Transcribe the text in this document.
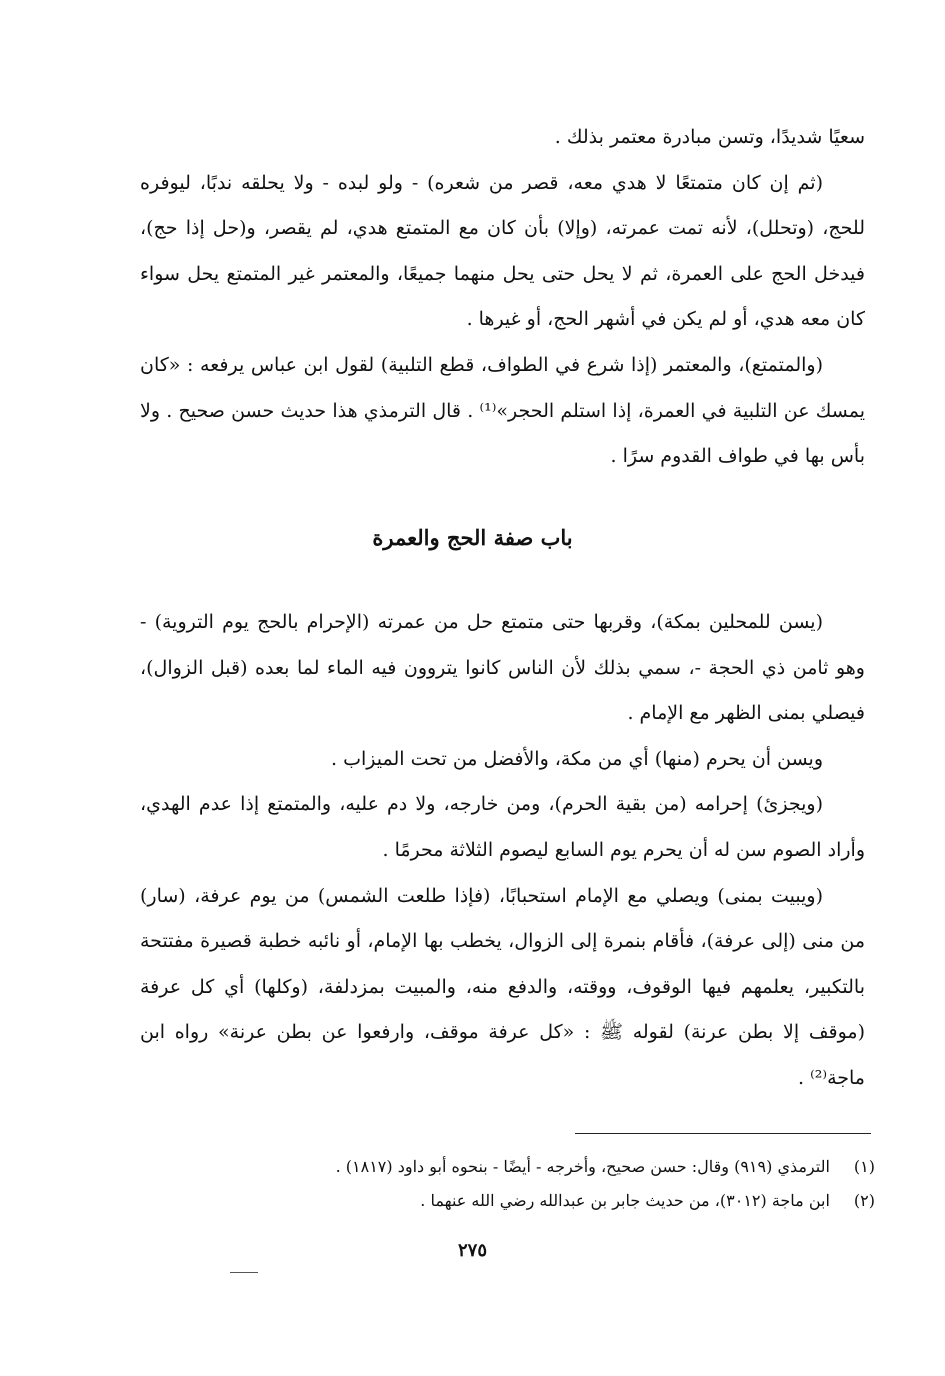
سعيًا شديدًا، وتسن مبادرة معتمر بذلك .

(ثم إن كان متمتعًا لا هدي معه، قصر من شعره) - ولو لبده - ولا يحلقه ندبًا، ليوفره للحج، (وتحلل)، لأنه تمت عمرته، (وإلا) بأن كان مع المتمتع هدي، لم يقصر، و(حل إذا حج)، فيدخل الحج على العمرة، ثم لا يحل حتى يحل منهما جميعًا، والمعتمر غير المتمتع يحل سواء كان معه هدي، أو لم يكن في أشهر الحج، أو غيرها .

(والمتمتع)، والمعتمر (إذا شرع في الطواف، قطع التلبية) لقول ابن عباس يرفعه : «كان يمسك عن التلبية في العمرة، إذا استلم الحجر»⁽¹⁾ . قال الترمذي هذا حديث حسن صحيح . ولا بأس بها في طواف القدوم سرًا .

باب صفة الحج والعمرة

(يسن للمحلين بمكة)، وقربها حتى متمتع حل من عمرته (الإحرام بالحج يوم التروية) - وهو ثامن ذي الحجة -، سمي بذلك لأن الناس كانوا يتروون فيه الماء لما بعده (قبل الزوال)، فيصلي بمنى الظهر مع الإمام .

ويسن أن يحرم (منها) أي من مكة، والأفضل من تحت الميزاب .

(ويجزئ) إحرامه (من بقية الحرم)، ومن خارجه، ولا دم عليه، والمتمتع إذا عدم الهدي، وأراد الصوم سن له أن يحرم يوم السابع ليصوم الثلاثة محرمًا .

(ويبيت بمنى) ويصلي مع الإمام استحبابًا، (فإذا طلعت الشمس) من يوم عرفة، (سار) من منى (إلى عرفة)، فأقام بنمرة إلى الزوال، يخطب بها الإمام، أو نائبه خطبة قصيرة مفتتحة بالتكبير، يعلمهم فيها الوقوف، ووقته، والدفع منه، والمبيت بمزدلفة، (وكلها) أي كل عرفة (موقف إلا بطن عرنة) لقوله ﷺ : «كل عرفة موقف، وارفعوا عن بطن عرنة» رواه ابن ماجة⁽²⁾ .

(١) الترمذي (٩١٩) وقال: حسن صحيح، وأخرجه - أيضًا - بنحوه أبو داود (١٨١٧) .
(٢) ابن ماجة (٣٠١٢)، من حديث جابر بن عبدالله رضي الله عنهما .
٢٧٥
